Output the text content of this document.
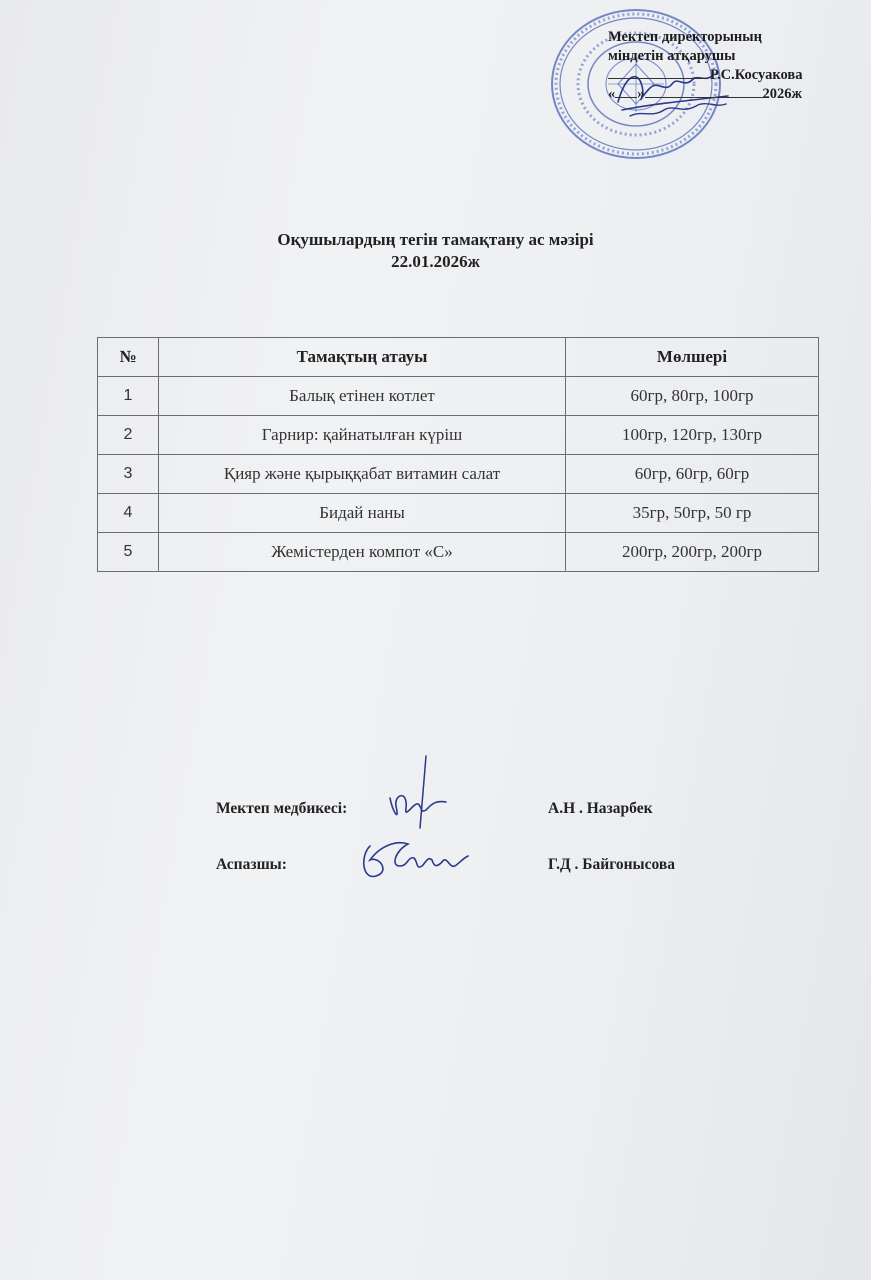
Мектеп директорының
міндетін атқарушы
Р.С.Косуакова
« »	2026ж
Оқушылардың тегін тамақтану ас мәзірі
22.01.2026ж
№	Тамақтың атауы	Мөлшері
1	Балық етінен котлет	60гр, 80гр, 100гр
2	Гарнир: қайнатылған күріш	100гр, 120гр, 130гр
3	Қияр және қырыққабат витамин салат	60гр, 60гр, 60гр
4	Бидай наны	35гр, 50гр, 50 гр
5	Жемістерден компот «С»	200гр, 200гр, 200гр
Мектеп медбикесі:	А.Н . Назарбек
Аспазшы:	Г.Д . Байгонысова
